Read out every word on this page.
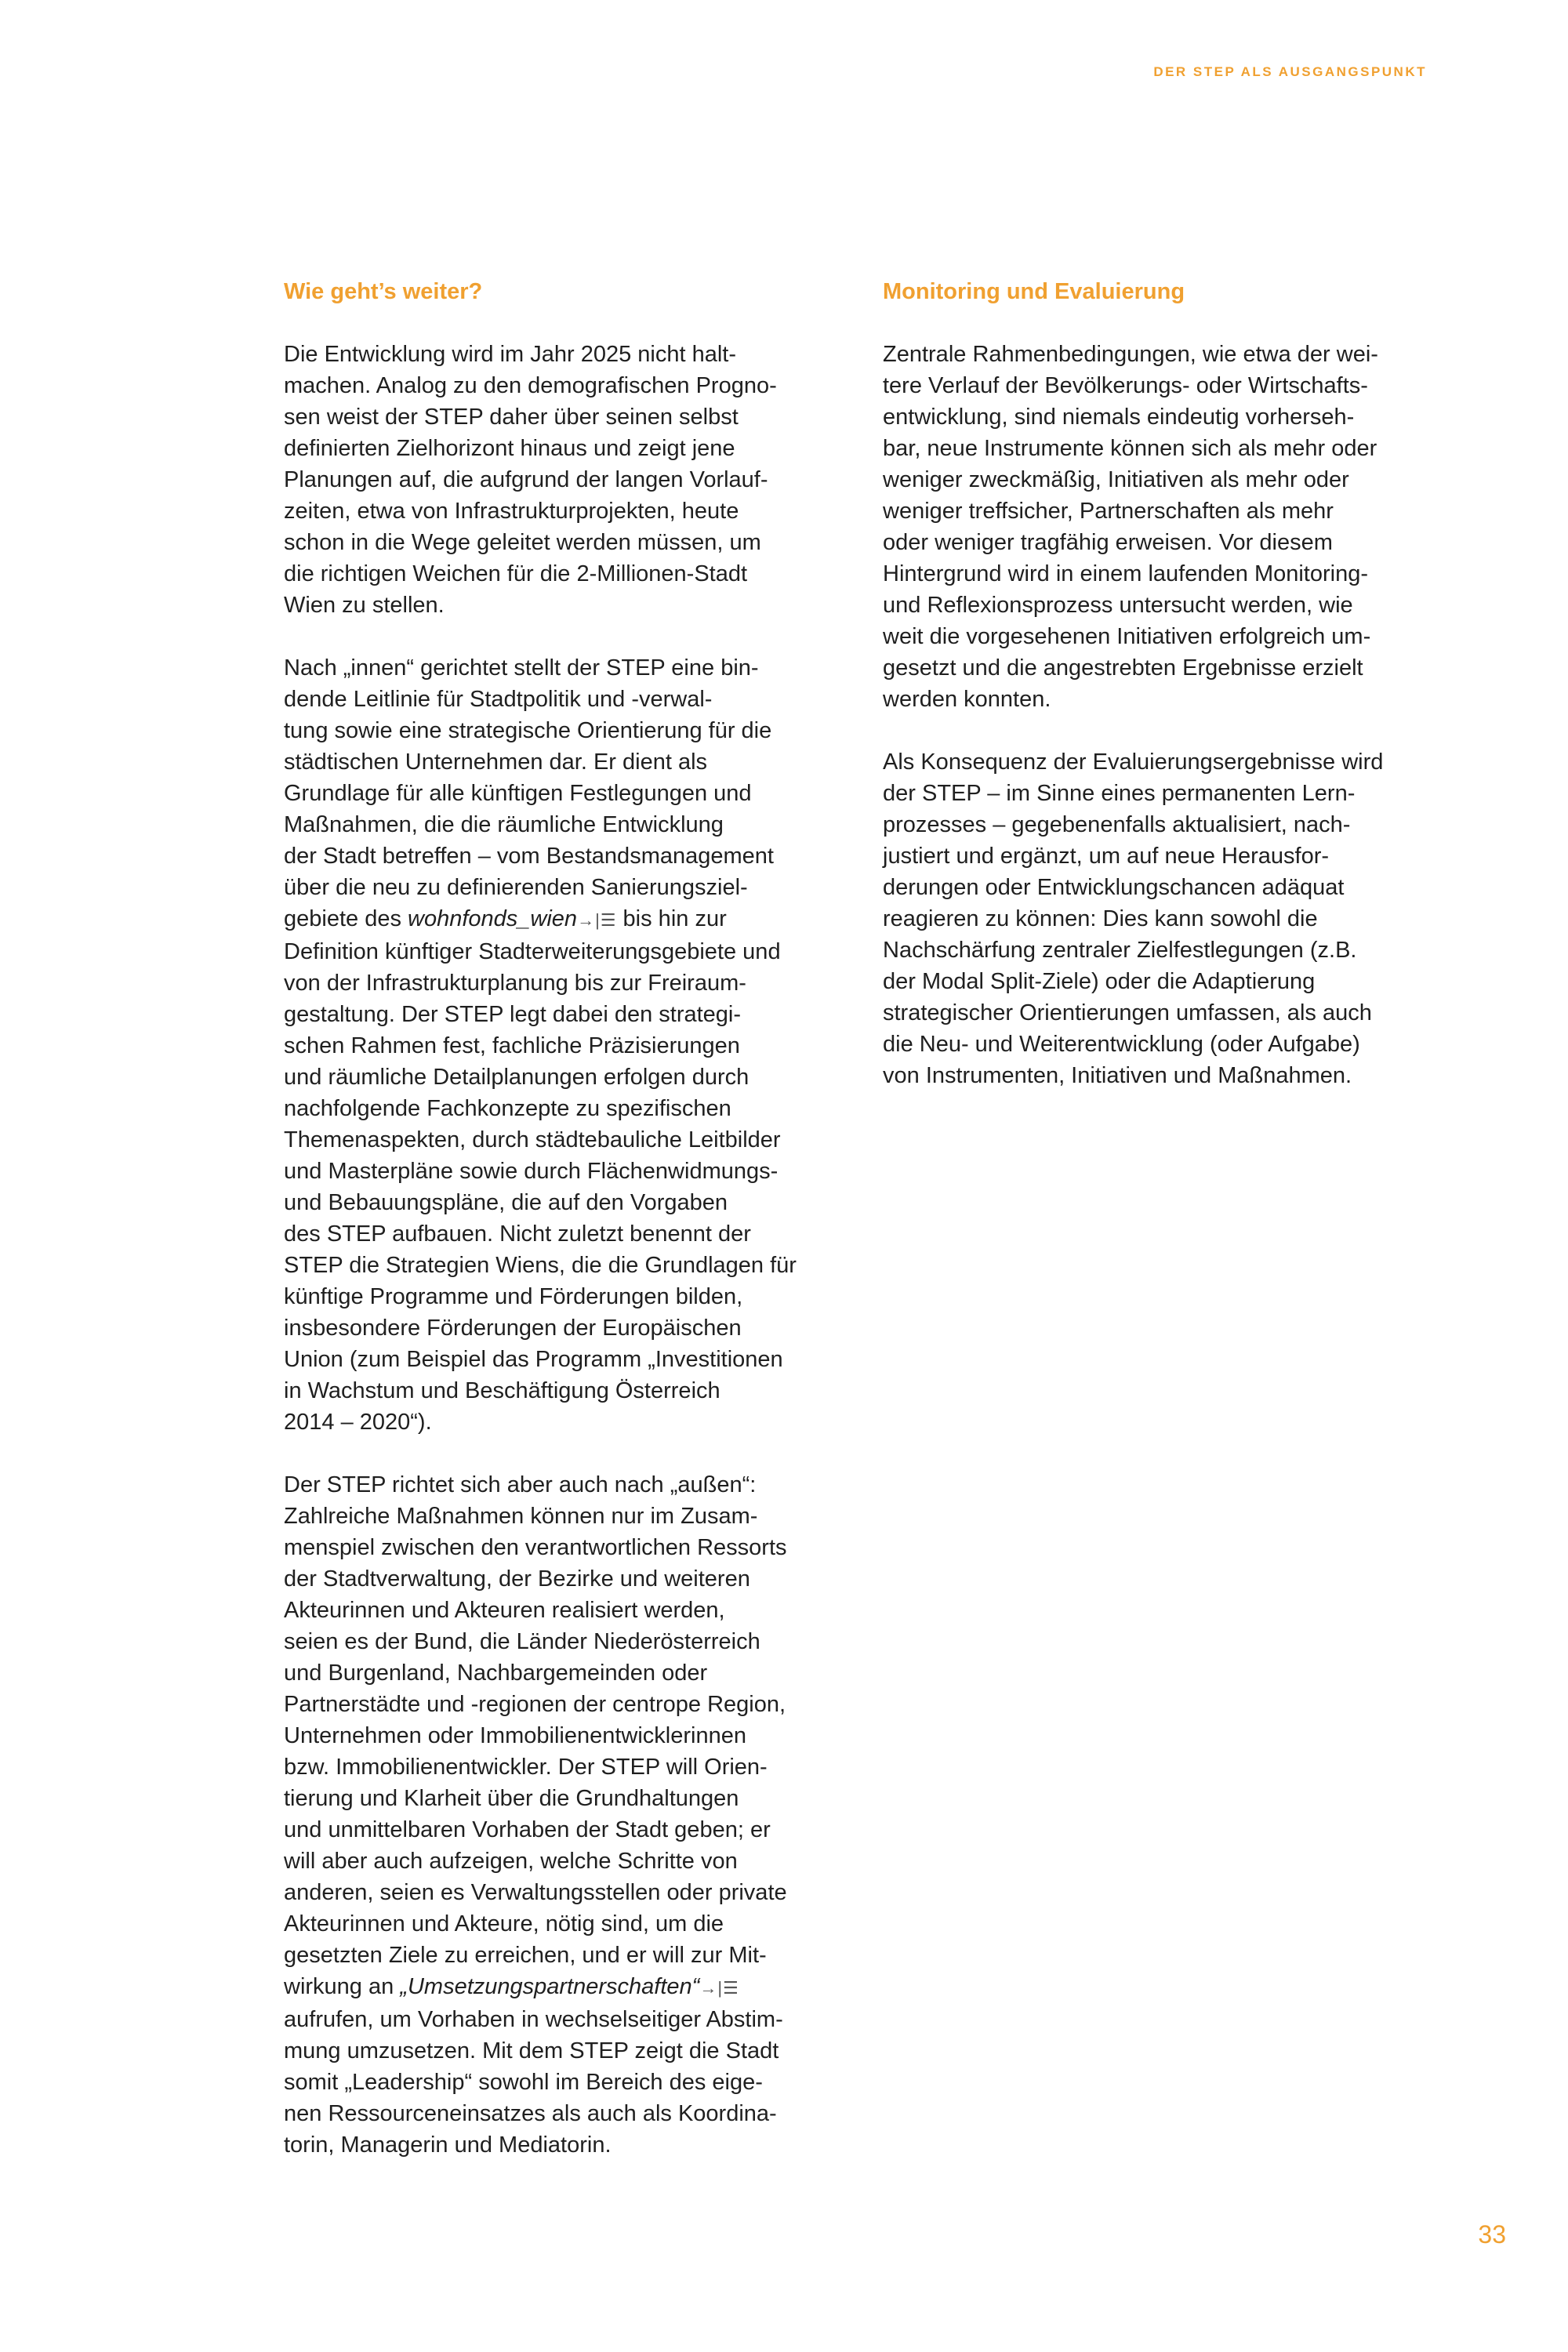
DER STEP ALS AUSGANGSPUNKT
Wie geht’s weiter?
Die Entwicklung wird im Jahr 2025 nicht halt-
machen. Analog zu den demografischen Progno-
sen weist der STEP daher über seinen selbst
definierten Zielhorizont hinaus und zeigt jene
Planungen auf, die aufgrund der langen Vorlauf-
zeiten, etwa von Infrastrukturprojekten, heute
schon in die Wege geleitet werden müssen, um
die richtigen Weichen für die 2-Millionen-Stadt
Wien zu stellen.
Nach „innen“ gerichtet stellt der STEP eine bin-
dende Leitlinie für Stadtpolitik und -verwal-
tung sowie eine strategische Orientierung für die
städtischen Unternehmen dar. Er dient als
Grundlage für alle künftigen Festlegungen und
Maßnahmen, die die räumliche Entwicklung
der Stadt betreffen – vom Bestandsmanagement
über die neu zu definierenden Sanierungsziel-
gebiete des wohnfonds_wien→|☰ bis hin zur
Definition künftiger Stadterweiterungsgebiete und
von der Infrastrukturplanung bis zur Freiraum-
gestaltung. Der STEP legt dabei den strategi-
schen Rahmen fest, fachliche Präzisierungen
und räumliche Detailplanungen erfolgen durch
nachfolgende Fachkonzepte zu spezifischen
Themenaspekten, durch städtebauliche Leitbilder
und Masterpläne sowie durch Flächenwidmungs-
und Bebauungspläne, die auf den Vorgaben
des STEP aufbauen. Nicht zuletzt benennt der
STEP die Strategien Wiens, die die Grundlagen für
künftige Programme und Förderungen bilden,
insbesondere Förderungen der Europäischen
Union (zum Beispiel das Programm „Investitionen
in Wachstum und Beschäftigung Österreich
2014 – 2020“).
Der STEP richtet sich aber auch nach „außen“:
Zahlreiche Maßnahmen können nur im Zusam-
menspiel zwischen den verantwortlichen Ressorts
der Stadtverwaltung, der Bezirke und weiteren
Akteurinnen und Akteuren realisiert werden,
seien es der Bund, die Länder Niederösterreich
und Burgenland, Nachbargemeinden oder
Partnerstädte und -regionen der centrope Region,
Unternehmen oder Immobilienentwicklerinnen
bzw. Immobilienentwickler. Der STEP will Orien-
tierung und Klarheit über die Grundhaltungen
und unmittelbaren Vorhaben der Stadt geben; er
will aber auch aufzeigen, welche Schritte von
anderen, seien es Verwaltungsstellen oder private
Akteurinnen und Akteure, nötig sind, um die
gesetzten Ziele zu erreichen, und er will zur Mit-
wirkung an „Umsetzungspartnerschaften“→|☰
aufrufen, um Vorhaben in wechselseitiger Abstim-
mung umzusetzen. Mit dem STEP zeigt die Stadt
somit „Leadership“ sowohl im Bereich des eige-
nen Ressourceneinsatzes als auch als Koordina-
torin, Managerin und Mediatorin.
Monitoring und Evaluierung
Zentrale Rahmenbedingungen, wie etwa der wei-
tere Verlauf der Bevölkerungs- oder Wirtschafts-
entwicklung, sind niemals eindeutig vorherseh-
bar, neue Instrumente können sich als mehr oder
weniger zweckmäßig, Initiativen als mehr oder
weniger treffsicher, Partnerschaften als mehr
oder weniger tragfähig erweisen. Vor diesem
Hintergrund wird in einem laufenden Monitoring-
und Reflexionsprozess untersucht werden, wie
weit die vorgesehenen Initiativen erfolgreich um-
gesetzt und die angestrebten Ergebnisse erzielt
werden konnten.
Als Konsequenz der Evaluierungsergebnisse wird
der STEP – im Sinne eines permanenten Lern-
prozesses – gegebenenfalls aktualisiert, nach-
justiert und ergänzt, um auf neue Herausfor-
derungen oder Entwicklungschancen adäquat
reagieren zu können: Dies kann sowohl die
Nachschärfung zentraler Zielfestlegungen (z.B.
der Modal Split-Ziele) oder die Adaptierung
strategischer Orientierungen umfassen, als auch
die Neu- und Weiterentwicklung (oder Aufgabe)
von Instrumenten, Initiativen und Maßnahmen.
33
